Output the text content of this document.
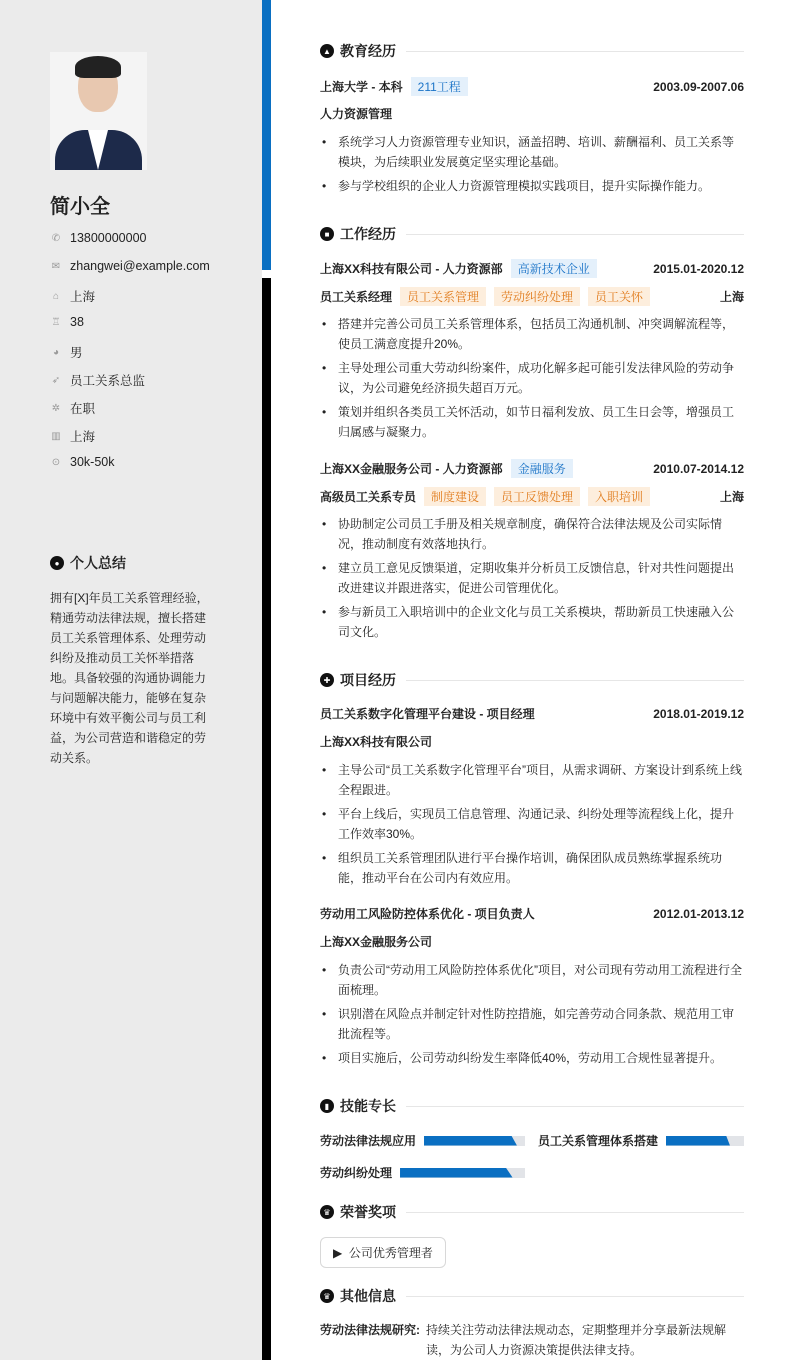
简小全
✆ 13800000000
✉ zhangwei@example.com
⌂ 上海
♖ 38
◕ 男
➶ 员工关系总监
✲ 在职
▥ 上海
⊙ 30k-50k
● 个人总结
拥有[X]年员工关系管理经验，精通劳动法律法规，擅长搭建员工关系管理体系、处理劳动纠纷及推动员工关怀举措落地。具备较强的沟通协调能力与问题解决能力，能够在复杂环境中有效平衡公司与员工利益，为公司营造和谐稳定的劳动关系。
▲ 教育经历
上海大学 - 本科	211工程	2003.09-2007.06
人力资源管理
• 系统学习人力资源管理专业知识，涵盖招聘、培训、薪酬福利、员工关系等模块，为后续职业发展奠定坚实理论基础。
• 参与学校组织的企业人力资源管理模拟实践项目，提升实际操作能力。
■ 工作经历
✚ 项目经历
▮ 技能专长
劳动法律法规应用	员工关系管理体系搭建
劳动纠纷处理
♛ 荣誉奖项
▶ 公司优秀管理者
♛ 其他信息
劳动法律法规研究: 持续关注劳动法律法规动态，定期整理并分享最新法规解读，为公司人力资源决策提供法律支持。
上海XX科技有限公司 - 人力资源部	高新技术企业	2015.01-2020.12
员工关系经理	员工关系管理	劳动纠纷处理	员工关怀	上海
• 搭建并完善公司员工关系管理体系，包括员工沟通机制、冲突调解流程等，使员工满意度提升20%。
• 主导处理公司重大劳动纠纷案件，成功化解多起可能引发法律风险的劳动争议，为公司避免经济损失超百万元。
• 策划并组织各类员工关怀活动，如节日福利发放、员工生日会等，增强员工归属感与凝聚力。
上海XX金融服务公司 - 人力资源部	金融服务	2010.07-2014.12
高级员工关系专员	制度建设	员工反馈处理	入职培训	上海
• 协助制定公司员工手册及相关规章制度，确保符合法律法规及公司实际情况，推动制度有效落地执行。
• 建立员工意见反馈渠道，定期收集并分析员工反馈信息，针对共性问题提出改进建议并跟进落实，促进公司管理优化。
• 参与新员工入职培训中的企业文化与员工关系模块，帮助新员工快速融入公司文化。
员工关系数字化管理平台建设 - 项目经理	2018.01-2019.12
上海XX科技有限公司
• 主导公司“员工关系数字化管理平台”项目，从需求调研、方案设计到系统上线全程跟进。
• 平台上线后，实现员工信息管理、沟通记录、纠纷处理等流程线上化，提升工作效率30%。
• 组织员工关系管理团队进行平台操作培训，确保团队成员熟练掌握系统功能，推动平台在公司内有效应用。
劳动用工风险防控体系优化 - 项目负责人	2012.01-2013.12
上海XX金融服务公司
• 负责公司“劳动用工风险防控体系优化”项目，对公司现有劳动用工流程进行全面梳理。
• 识别潜在风险点并制定针对性防控措施，如完善劳动合同条款、规范用工审批流程等。
• 项目实施后，公司劳动纠纷发生率降低40%，劳动用工合规性显著提升。
